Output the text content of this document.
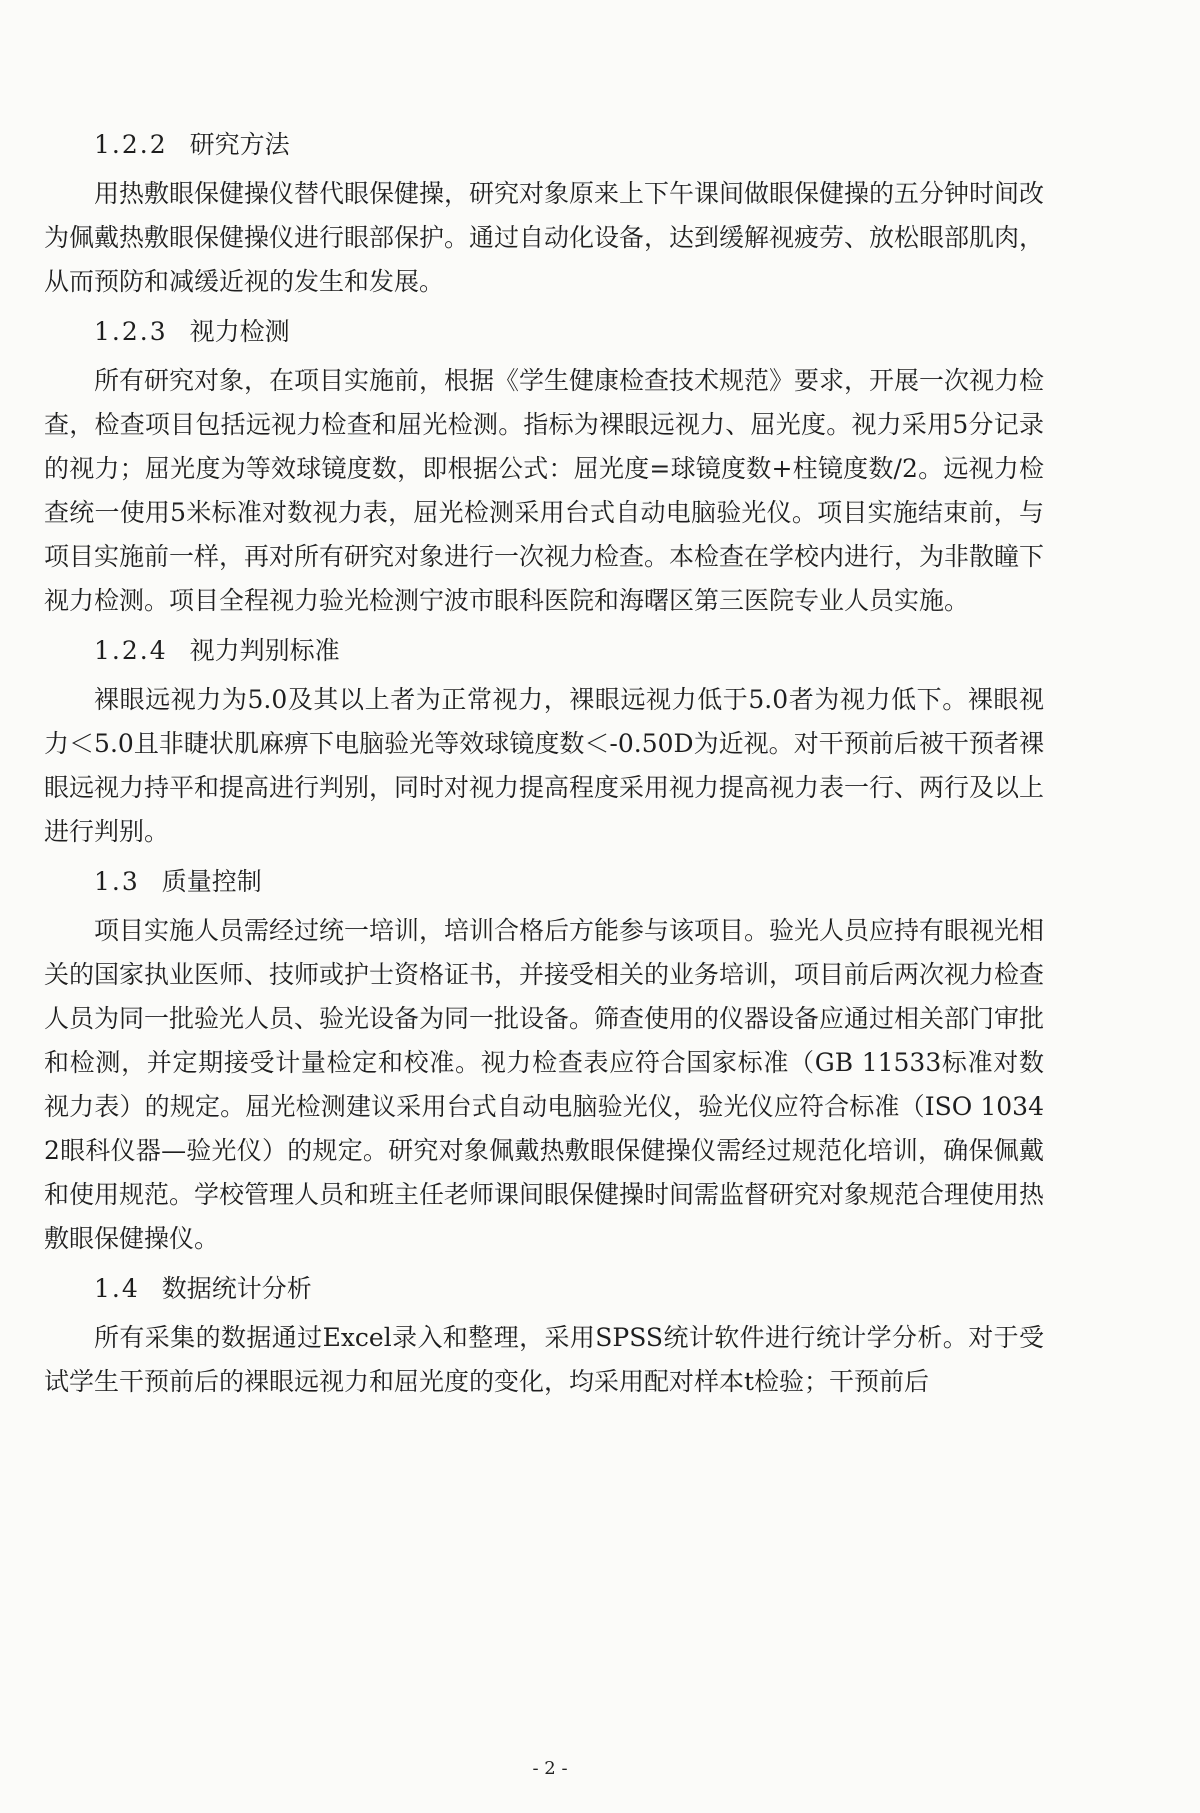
1.2.2 研究方法

用热敷眼保健操仪替代眼保健操，研究对象原来上下午课间做眼保健操的五分钟时间改为佩戴热敷眼保健操仪进行眼部保护。通过自动化设备，达到缓解视疲劳、放松眼部肌肉，从而预防和减缓近视的发生和发展。

1.2.3 视力检测

所有研究对象，在项目实施前，根据《学生健康检查技术规范》要求，开展一次视力检查，检查项目包括远视力检查和屈光检测。指标为裸眼远视力、屈光度。视力采用5分记录的视力；屈光度为等效球镜度数，即根据公式：屈光度=球镜度数+柱镜度数/2。远视力检查统一使用5米标准对数视力表，屈光检测采用台式自动电脑验光仪。项目实施结束前，与项目实施前一样，再对所有研究对象进行一次视力检查。本检查在学校内进行，为非散瞳下视力检测。项目全程视力验光检测宁波市眼科医院和海曙区第三医院专业人员实施。

1.2.4 视力判别标准

裸眼远视力为5.0及其以上者为正常视力，裸眼远视力低于5.0者为视力低下。裸眼视力＜5.0且非睫状肌麻痹下电脑验光等效球镜度数＜-0.50D为近视。对干预前后被干预者裸眼远视力持平和提高进行判别，同时对视力提高程度采用视力提高视力表一行、两行及以上进行判别。

1.3 质量控制

项目实施人员需经过统一培训，培训合格后方能参与该项目。验光人员应持有眼视光相关的国家执业医师、技师或护士资格证书，并接受相关的业务培训，项目前后两次视力检查人员为同一批验光人员、验光设备为同一批设备。筛查使用的仪器设备应通过相关部门审批和检测，并定期接受计量检定和校准。视力检查表应符合国家标准（GB 11533标准对数视力表）的规定。屈光检测建议采用台式自动电脑验光仪，验光仪应符合标准（ISO 10342眼科仪器—验光仪）的规定。研究对象佩戴热敷眼保健操仪需经过规范化培训，确保佩戴和使用规范。学校管理人员和班主任老师课间眼保健操时间需监督研究对象规范合理使用热敷眼保健操仪。

1.4 数据统计分析

所有采集的数据通过Excel录入和整理，采用SPSS统计软件进行统计学分析。对于受试学生干预前后的裸眼远视力和屈光度的变化，均采用配对样本t检验；干预前后

- 2 -
